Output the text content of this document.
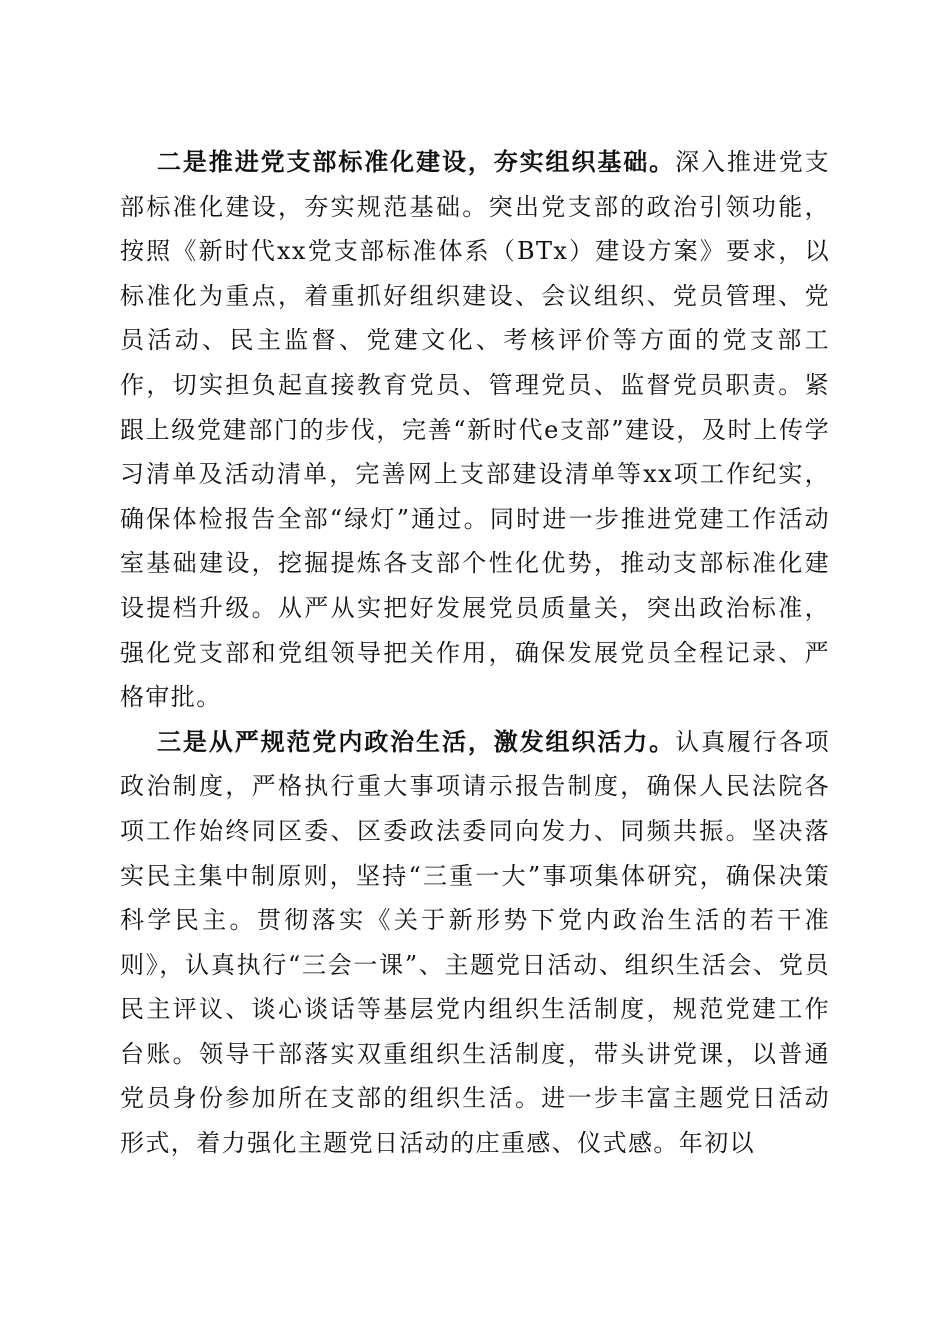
二是推进党支部标准化建设，夯实组织基础。深入推进党支部标准化建设，夯实规范基础。突出党支部的政治引领功能，按照《新时代xx党支部标准体系（BTx）建设方案》要求，以标准化为重点，着重抓好组织建设、会议组织、党员管理、党员活动、民主监督、党建文化、考核评价等方面的党支部工作，切实担负起直接教育党员、管理党员、监督党员职责。紧跟上级党建部门的步伐，完善“新时代e支部”建设，及时上传学习清单及活动清单，完善网上支部建设清单等xx项工作纪实，确保体检报告全部“绿灯”通过。同时进一步推进党建工作活动室基础建设，挖掘提炼各支部个性化优势，推动支部标准化建设提档升级。从严从实把好发展党员质量关，突出政治标准，强化党支部和党组领导把关作用，确保发展党员全程记录、严格审批。

三是从严规范党内政治生活，激发组织活力。认真履行各项政治制度，严格执行重大事项请示报告制度，确保人民法院各项工作始终同区委、区委政法委同向发力、同频共振。坚决落实民主集中制原则，坚持“三重一大”事项集体研究，确保决策科学民主。贯彻落实《关于新形势下党内政治生活的若干准则》，认真执行“三会一课”、主题党日活动、组织生活会、党员民主评议、谈心谈话等基层党内组织生活制度，规范党建工作台账。领导干部落实双重组织生活制度，带头讲党课，以普通党员身份参加所在支部的组织生活。进一步丰富主题党日活动形式，着力强化主题党日活动的庄重感、仪式感。年初以
